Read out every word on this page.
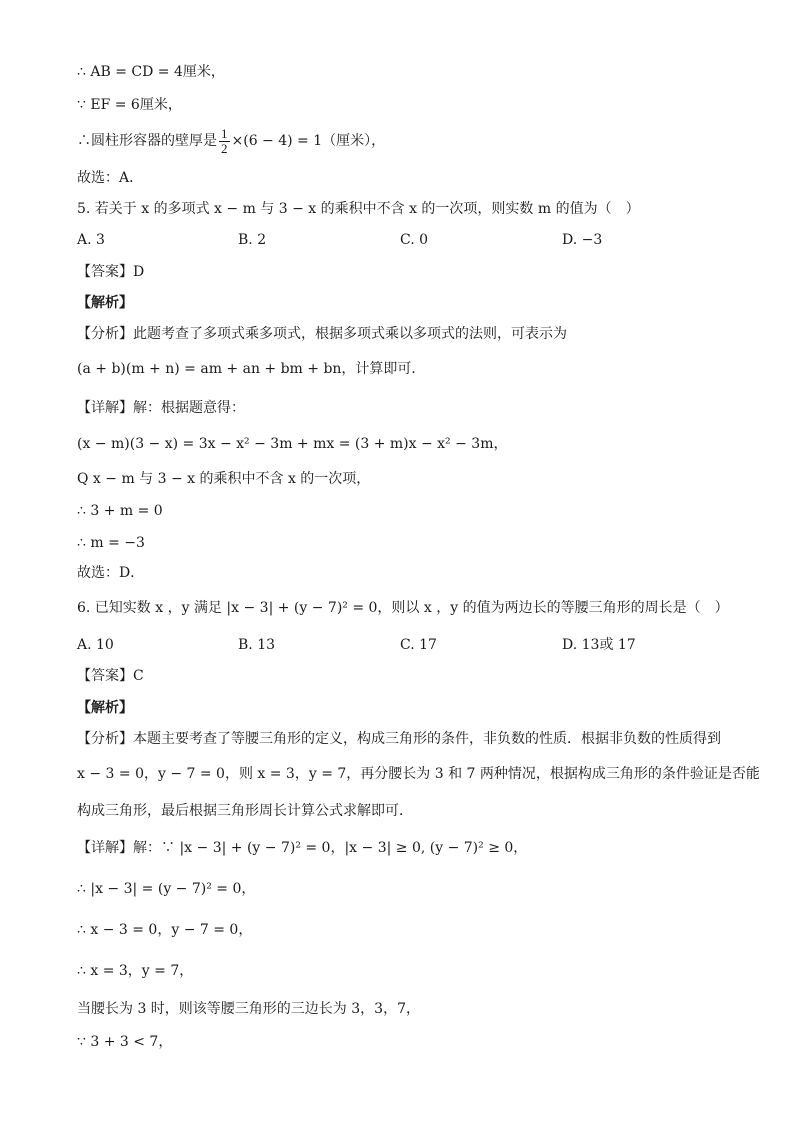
∴ AB = CD = 4厘米，
∵ EF = 6厘米，
∴圆柱形容器的壁厚是 $\frac{1}{2} \times(6 - 4) = 1$（厘米），
故选：A．
5. 若关于 x 的多项式 x − m 与 3 − x 的乘积中不含 x 的一次项，则实数 m 的值为（　）
A. 3	B. 2	C. 0	D. −3
【答案】D
【解析】
【分析】此题考查了多项式乘多项式，根据多项式乘以多项式的法则，可表示为
(a + b)(m + n) = am + an + bm + bn，计算即可．
【详解】解：根据题意得：
(x − m)(3 − x) = 3x − x² − 3m + mx = (3 + m)x − x² − 3m，
Q x − m 与 3 − x 的乘积中不含 x 的一次项，
∴ 3 + m = 0
∴ m = −3
故选：D．
6. 已知实数 x ，y 满足 |x − 3| + (y − 7)² = 0，则以 x ，y 的值为两边长的等腰三角形的周长是（　）
A. 10	B. 13	C. 17	D. 13或 17
【答案】C
【解析】
【分析】本题主要考查了等腰三角形的定义，构成三角形的条件，非负数的性质．根据非负数的性质得到
x − 3 = 0，y − 7 = 0，则 x = 3，y = 7，再分腰长为 3 和 7 两种情况，根据构成三角形的条件验证是否能
构成三角形，最后根据三角形周长计算公式求解即可．
【详解】解：∵ |x − 3| + (y − 7)² = 0，|x − 3| ≥ 0, (y − 7)² ≥ 0，
∴ |x − 3| = (y − 7)² = 0，
∴ x − 3 = 0，y − 7 = 0，
∴ x = 3，y = 7，
当腰长为 3 时，则该等腰三角形的三边长为 3，3，7，
∵ 3 + 3 < 7，
